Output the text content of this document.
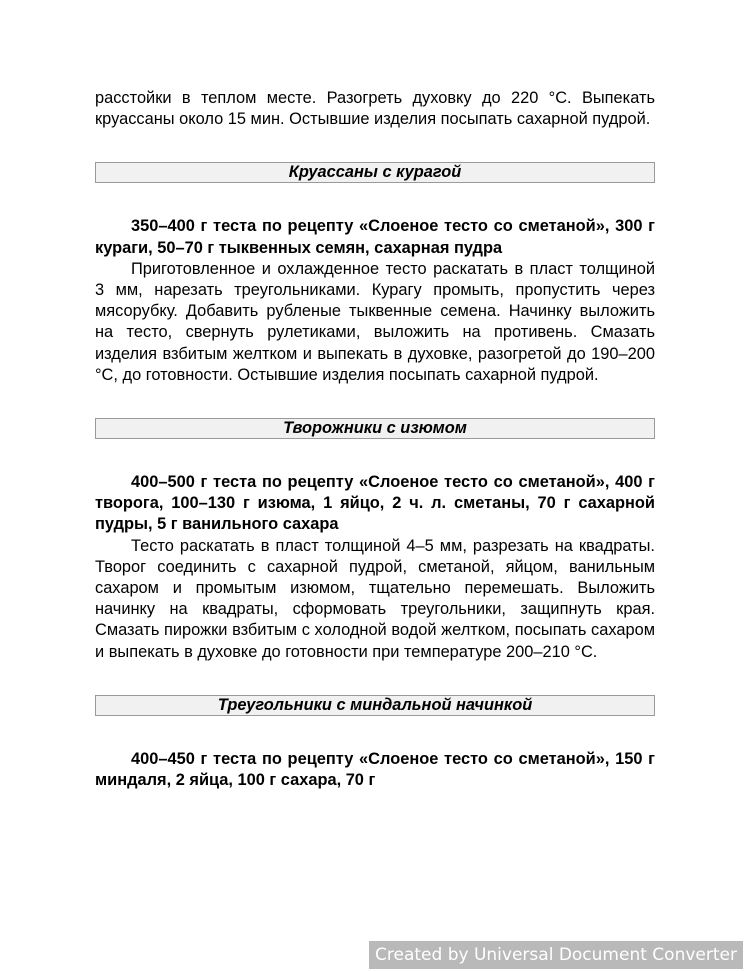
расстойки в теплом месте. Разогреть духовку до 220 °С. Выпекать круассаны около 15 мин. Остывшие изделия посыпать сахарной пудрой.

Круассаны с курагой

350–400 г теста по рецепту «Слоеное тесто со сметаной», 300 г кураги, 50–70 г тыквенных семян, сахарная пудра

Приготовленное и охлажденное тесто раскатать в пласт толщиной 3 мм, нарезать треугольниками. Курагу промыть, пропустить через мясорубку. Добавить рубленые тыквенные семена. Начинку выложить на тесто, свернуть рулетиками, выложить на противень. Смазать изделия взбитым желтком и выпекать в духовке, разогретой до 190–200 °С, до готовности. Остывшие изделия посыпать сахарной пудрой.

Творожники с изюмом

400–500 г теста по рецепту «Слоеное тесто со сметаной», 400 г творога, 100–130 г изюма, 1 яйцо, 2 ч. л. сметаны, 70 г сахарной пудры, 5 г ванильного сахара

Тесто раскатать в пласт толщиной 4–5 мм, разрезать на квадраты. Творог соединить с сахарной пудрой, сметаной, яйцом, ванильным сахаром и промытым изюмом, тщательно перемешать. Выложить начинку на квадраты, сформовать треугольники, защипнуть края. Смазать пирожки взбитым с холодной водой желтком, посыпать сахаром и выпекать в духовке до готовности при температуре 200–210 °С.

Треугольники с миндальной начинкой

400–450 г теста по рецепту «Слоеное тесто со сметаной», 150 г миндаля, 2 яйца, 100 г сахара, 70 г

Created by Universal Document Converter
